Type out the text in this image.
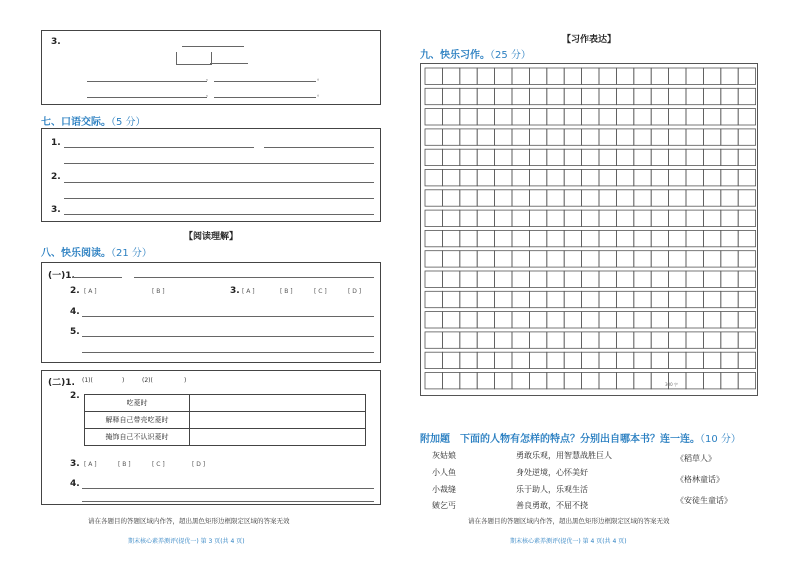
3.
，	。
，	。
七、口语交际。（5 分）
1.
2.
3.
【阅读理解】
八、快乐阅读。（21 分）
(一)1.
2. [ A ]	[ B ]	3. [ A ]	[ B ]	[ C ]	[ D ]
4.
5.
(二)1. (1)(	)	(2)(	)
2.
吃菱时	
解释自己带壳吃菱时	
掩饰自己不认识菱时	
3. [ A ]	[ B ]	[ C ]	[ D ]
4.
请在各题目的答题区域内作答，超出黑色矩形边框限定区域的答案无效
期末核心素养测评(提优一) 第 3 页(共 4 页)
【习作表达】
九、快乐习作。（25 分）
300 字
附加题　下面的人物有怎样的特点？分别出自哪本书？连一连。（10 分）
灰姑娘
小人鱼
小裁缝
皴乞丐
勇敢乐观，用智慧战胜巨人
身处逆境，心怀美好
乐于助人，乐观生活
善良勇敢，不屈不挠
《稻草人》
《格林童话》
《安徒生童话》
请在各题目的答题区域内作答，超出黑色矩形边框限定区域的答案无效
期末核心素养测评(提优一) 第 4 页(共 4 页)
